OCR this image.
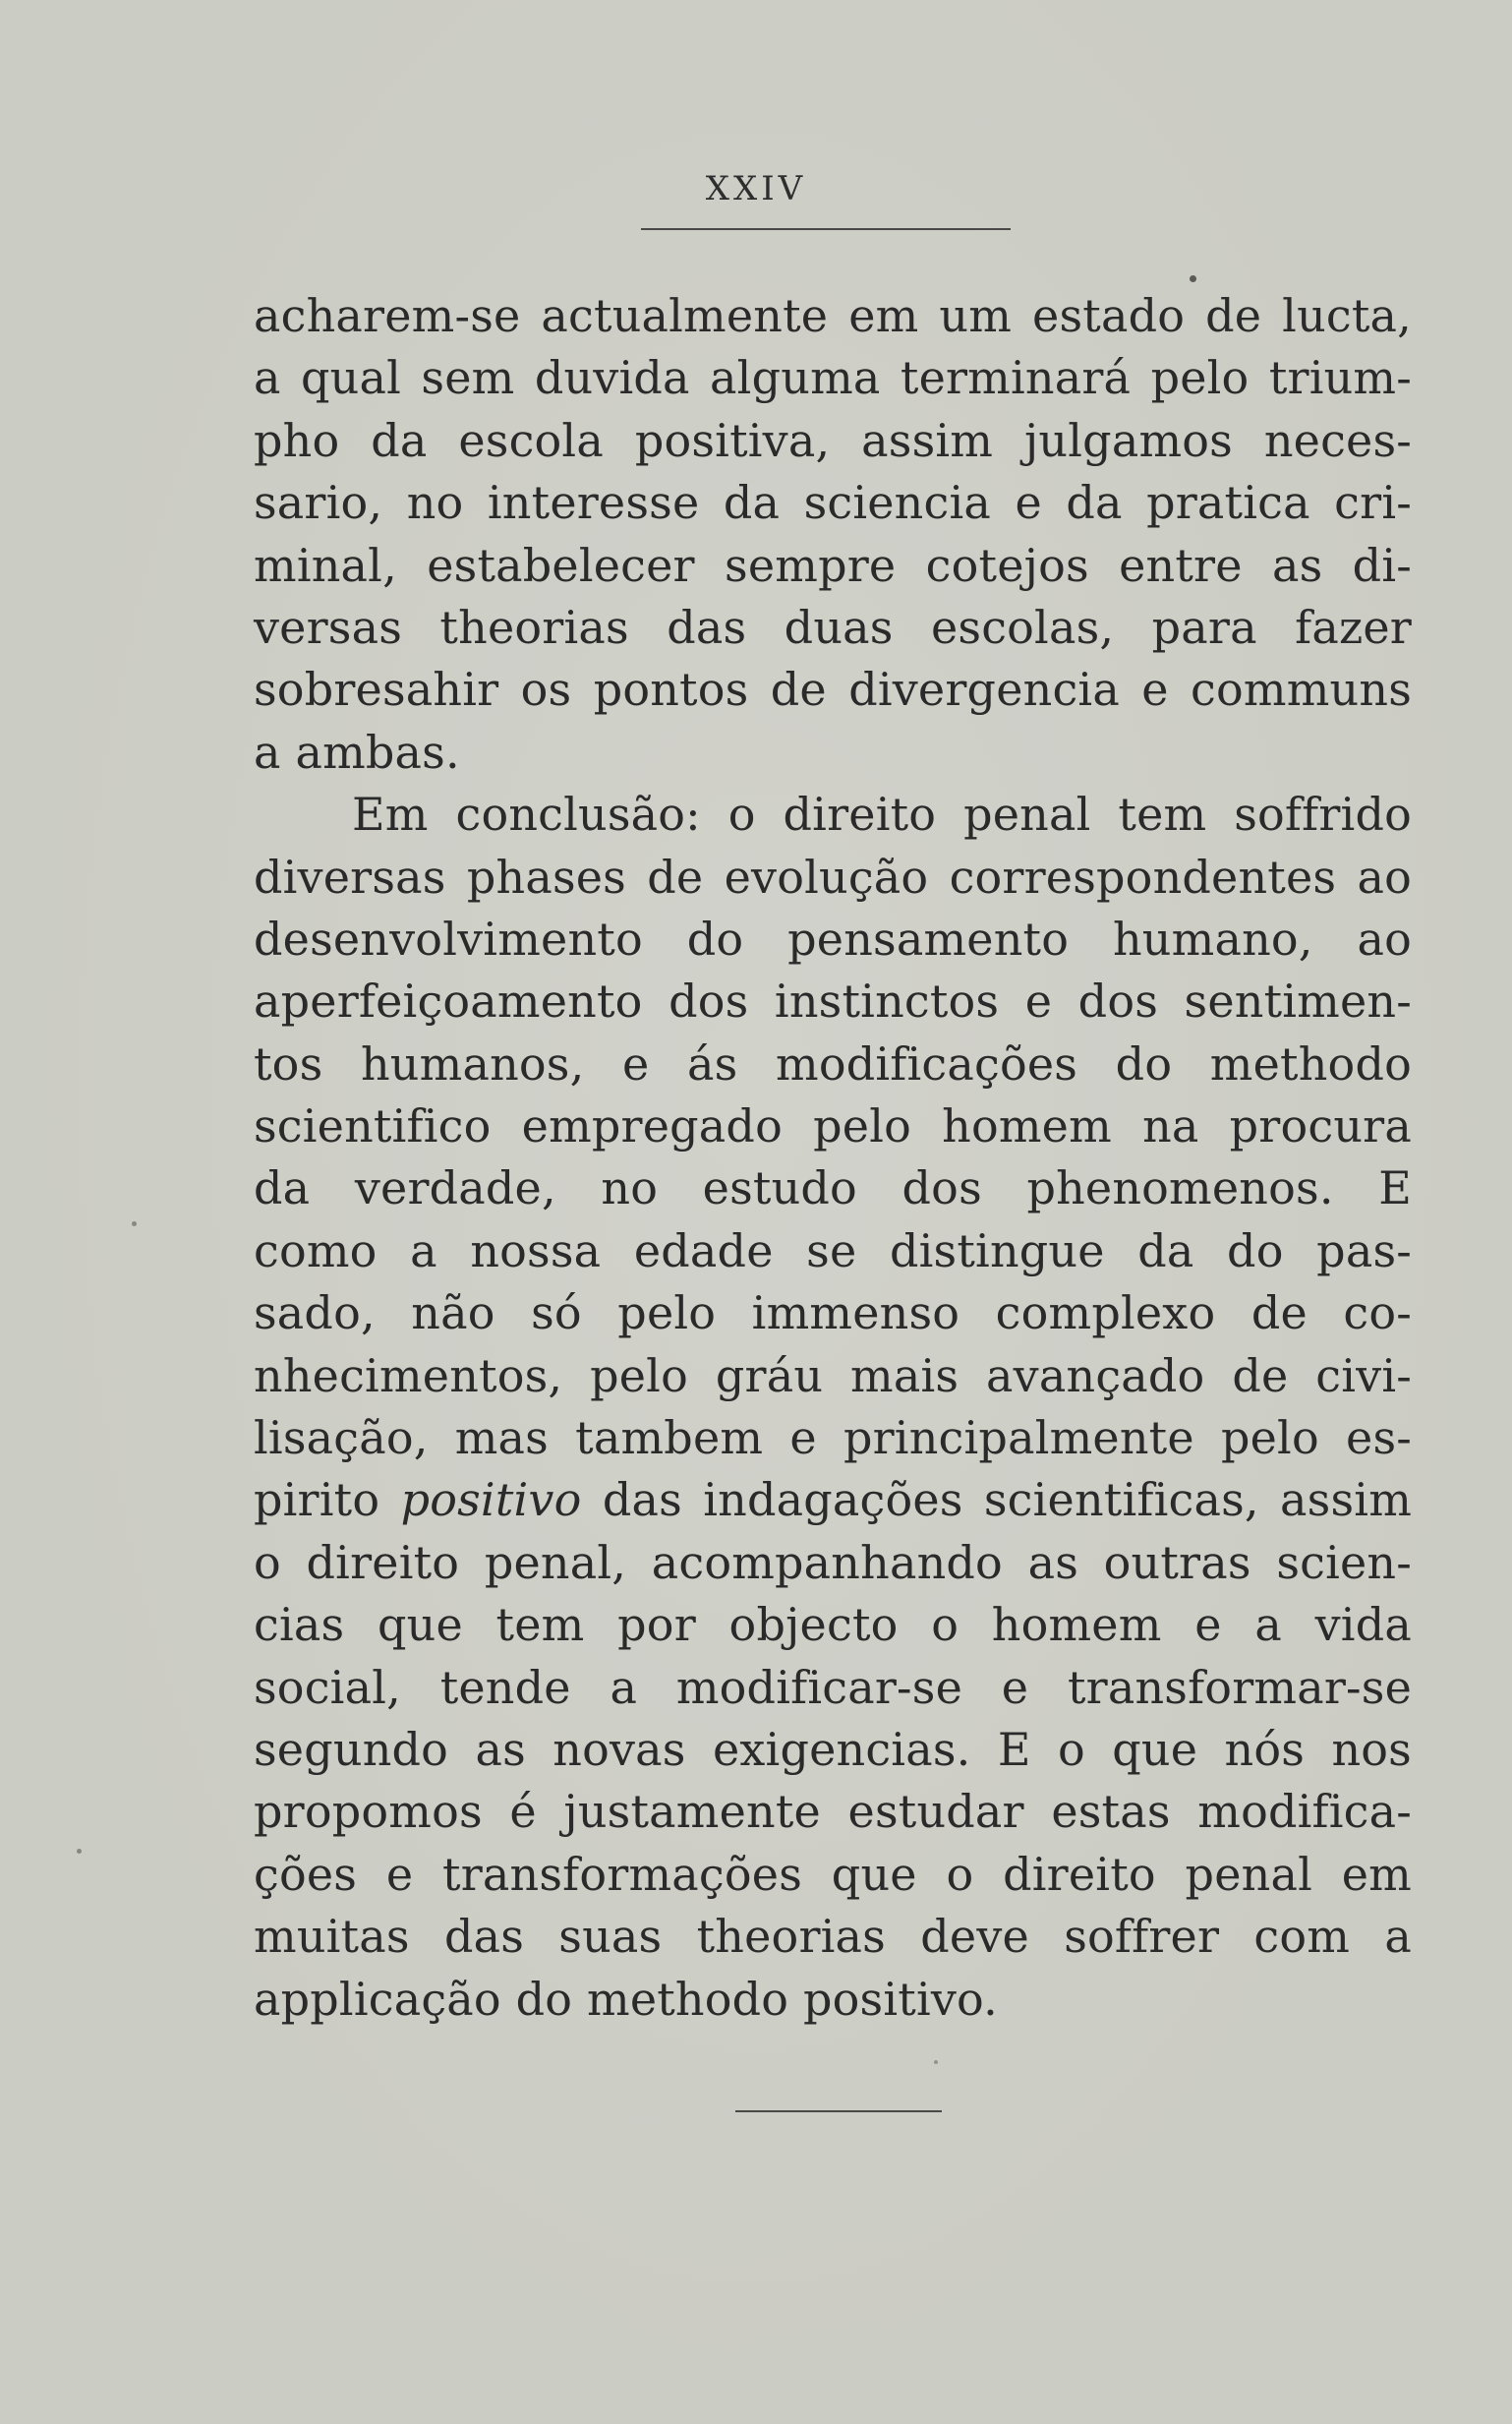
XXIV
acharem-se actualmente em um estado de lucta,
a qual sem duvida alguma terminará pelo trium-
pho da escola positiva, assim julgamos neces-
sario, no interesse da sciencia e da pratica cri-
minal, estabelecer sempre cotejos entre as di-
versas theorias das duas escolas, para fazer
sobresahir os pontos de divergencia e communs
a ambas.
Em conclusão: o direito penal tem soffrido
diversas phases de evolução correspondentes ao
desenvolvimento do pensamento humano, ao
aperfeiçoamento dos instinctos e dos sentimen-
tos humanos, e ás modificações do methodo
scientifico empregado pelo homem na procura
da verdade, no estudo dos phenomenos. E
como a nossa edade se distingue da do pas-
sado, não só pelo immenso complexo de co-
nhecimentos, pelo gráu mais avançado de civi-
lisação, mas tambem e principalmente pelo es-
pirito positivo das indagações scientificas, assim
o direito penal, acompanhando as outras scien-
cias que tem por objecto o homem e a vida
social, tende a modificar-se e transformar-se
segundo as novas exigencias. E o que nós nos
propomos é justamente estudar estas modifica-
ções e transformações que o direito penal em
muitas das suas theorias deve soffrer com a
applicação do methodo positivo.
